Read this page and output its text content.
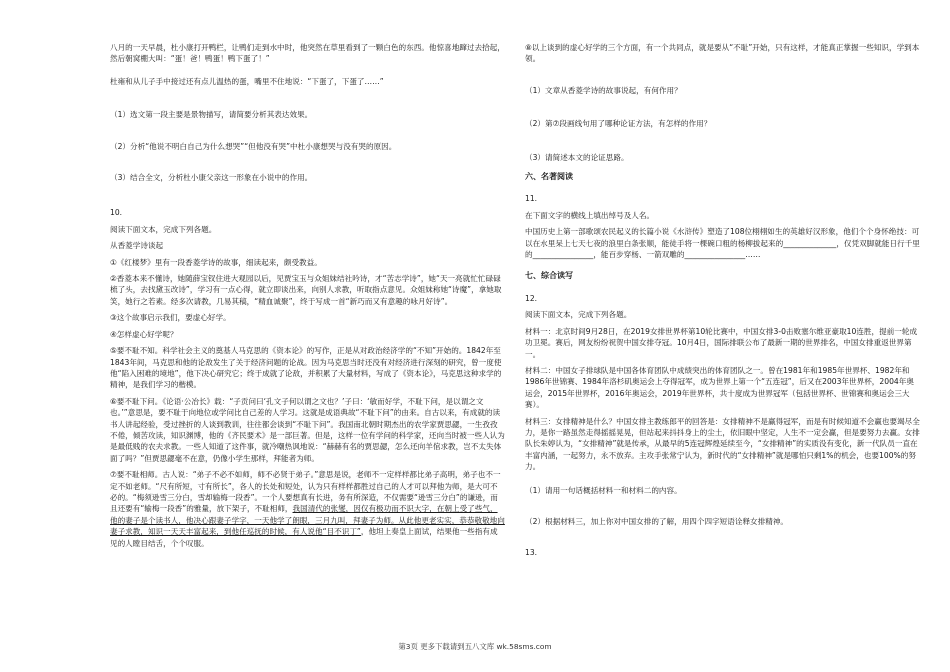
八月的一天早晨，杜小康打开鸭栏，让鸭们走到水中时，他突然在草里看到了一颗白色的东西。他惊喜地蹿过去拾起，然后朝窝棚大叫：“蛋！爸！鸭蛋！鸭下蛋了！”

杜雍和从儿子手中接过还有点儿温热的蛋，嘴里不住地说：“下蛋了，下蛋了……”

（1）选文第一段主要是景物描写，请简要分析其表达效果。

（2）分析“他说不明白自己为什么想哭”“但他没有哭”中杜小康想哭与没有哭的原因。

（3）结合全文，分析杜小康父亲这一形象在小说中的作用。

10.

阅读下面文本，完成下列各题。

从香菱学诗谈起

①《红楼梦》里有一段香菱学诗的故事，细读起来，颇受教益。

②香菱本来不懂诗，她随薛宝钗住进大观园以后，见贾宝玉与众姐妹结社吟诗，才“苦志学诗”，她“天一亮就忙忙碌碌梳了头，去找黛玉改诗”，学习有一点心得，就立即谈出来，向别人求教，听取指点意见。众姐妹称她“诗魔”，拿她取笑，她行之若素。经多次请教，几易其稿，“精血诚聚”，终于写成一首“新巧而又有意趣的咏月好诗”。

③这个故事启示我们，要虚心好学。

④怎样虚心好学呢？

⑤要不耻不知。科学社会主义的奠基人马克思的《资本论》的写作，正是从对政治经济学的“不知”开始的。1842年至1843年间，马克思和他的论敌发生了关于经济问题的论战。因为马克思当时还没有对经济进行深刻的研究，曾一度使他“陷入困难的境地”，他下决心研究它；终于成就了论敌，并积累了大量材料，写成了《资本论》，马克思这种求学的精神，是我们学习的楷模。

⑥要不耻下问。《论语·公冶长》载：“子贡问曰‘孔文子何以谓之文也？’子曰：‘敏而好学，不耻下问，是以谓之文也。’”意思是，要不耻于向地位或学问比自己差的人学习。这就是成语典故“不耻下问”的由来。自古以来，有成就的读书人讲起经验，受过挫折的人谈到教训，往往都会谈到“不耻下问”。我国南北朝时期杰出的农学家贾思勰，一生孜孜不倦，倾苦攻读，知识渊博，他的《齐民要术》是一部巨著。但是，这样一位有学问的科学家，还向当时被一些人认为是最低贱的农夫求教。一些人知道了这件事，就冷嘲热讽地说：“赫赫有名的贾思勰，怎么还向羊倌求教，岂不太失体面了吗？”但贾思勰毫不在意，仍像小学生那样，拜能者为师。

⑦要不耻相师。古人说：“弟子不必不如师，师不必贤于弟子。”意思是说，老师不一定样样都比弟子高明，弟子也不一定不如老师。“尺有所短，寸有所长”，各人的长处和短处，认为只有样样都胜过自己的人才可以拜他为师，是大可不必的。“梅须逊雪三分白，雪却输梅一段香”。一个人要想真有长进，务有所深造，不仅需要“逊雪三分白”的谦逊，而且还要有“输梅一段香”的雅量，放下架子，不耻相师，我国清代的张燮，因仅有极功而不识大字，在朝上受了些气，他的妻子是个读书人，他决心跟妻子学字，一天他学了朗眼，三月九叫，拜妻子为师。从此他更老实实，恭恭敬敬地向妻子求教，知识一天天丰富起来，到他任巡抚的时候，有人说他“目不识丁”，他坦上奏皇上面试，结果他一些指有成见的人瞠目结舌，个个叹服。

⑧以上谈到的虚心好学的三个方面，有一个共同点，就是要从“不耻”开始，只有这样，才能真正掌握一些知识，学到本领。

（1）文章从香菱学诗的故事说起，有何作用？

（2）第⑦段画线句用了哪种论证方法，有怎样的作用？

（3）请简述本文的论证思路。

六、名著阅读

11.

在下面文字的横线上填出绰号及人名。

中国历史上第一部歌颂农民起义的长篇小说《水浒传》塑造了108位栩栩如生的英雄好汉形象，他们个个身怀绝技：可以在水里呆上七天七夜的浪里白条张顺，能徒手将一棵碗口粗的杨柳拔起来的______________，仅凭双脚就能日行千里的________________，能百步穿杨、一箭双雕的________________……

七、综合读写

12.

阅读下面文本，完成下列各题。

材料一：北京时间9月28日，在2019女排世界杯第10轮比赛中，中国女排3-0击败塞尔维亚豪取10连胜，提前一轮成功卫冕。赛后，网友纷纷祝贺中国女排夺冠。10月4日，国际排联公布了最新一期的世界排名，中国女排重返世界第一。

材料二：中国女子排球队是中国各体育团队中成绩突出的体育团队之一。曾在1981年和1985年世界杯、1982年和1986年世锦赛、1984年洛杉矶奥运会上夺得冠军，成为世界上第一个“五连冠”，后又在2003年世界杯，2004年奥运会，2015年世界杯，2016年奥运会，2019年世界杯，共十度成为世界冠军（包括世界杯、世锦赛和奥运会三大赛）。

材料三：女排精神是什么？中国女排主教练郎平的回答是：女排精神不是赢得冠军，而是有时候知道不会赢也要竭尽全力，是你一路虽然走得摇摇晃晃，但站起来抖抖身上的尘土，依旧眼中坚定，人生不一定会赢，但是要努力去赢。女排队长朱婷认为，“女排精神”就是传承，从最早的5连冠辉煌延续至今，“女排精神”的实质没有变化，新一代队员一直在丰富内涵，一起努力，永不放弃。主攻手张常宁认为，新时代的“女排精神”就是哪怕只剩1%的机会，也要100%的努力。

（1）请用一句话概括材料一和材料二的内容。

（2）根据材料三，加上你对中国女排的了解，用四个四字短语诠释女排精神。

13.

第3页 更多下载请到五八文库 wk.58sms.com
